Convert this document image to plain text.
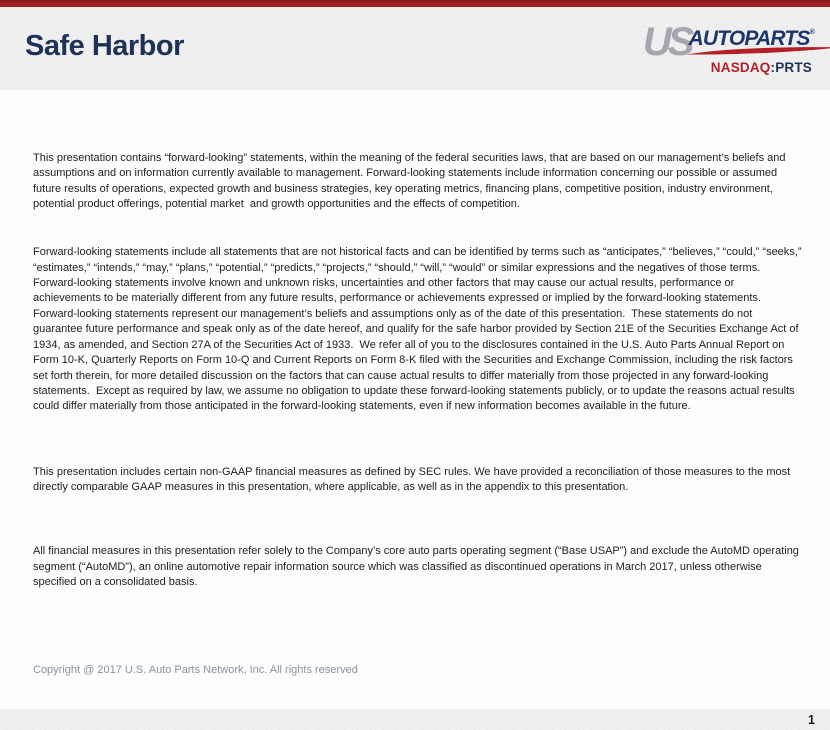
Safe Harbor	US
AUTOPARTS®
NASDAQ:PRTS

This presentation contains “forward-looking” statements, within the meaning of the federal securities laws, that are based on our management’s beliefs and assumptions and on information currently available to management. Forward-looking statements include information concerning our possible or assumed future results of operations, expected growth and business strategies, key operating metrics, financing plans, competitive position, industry environment, potential product offerings, potential market  and growth opportunities and the effects of competition.

Forward-looking statements include all statements that are not historical facts and can be identified by terms such as “anticipates,” “believes,” “could,” “seeks,” “estimates,” “intends,” “may,” “plans,” “potential,” “predicts,” “projects,” “should,” “will,” “would” or similar expressions and the negatives of those terms. Forward-looking statements involve known and unknown risks, uncertainties and other factors that may cause our actual results, performance or achievements to be materially different from any future results, performance or achievements expressed or implied by the forward-looking statements. Forward-looking statements represent our management’s beliefs and assumptions only as of the date of this presentation.  These statements do not guarantee future performance and speak only as of the date hereof, and qualify for the safe harbor provided by Section 21E of the Securities Exchange Act of 1934, as amended, and Section 27A of the Securities Act of 1933.  We refer all of you to the disclosures contained in the U.S. Auto Parts Annual Report on Form 10-K, Quarterly Reports on Form 10-Q and Current Reports on Form 8-K filed with the Securities and Exchange Commission, including the risk factors set forth therein, for more detailed discussion on the factors that can cause actual results to differ materially from those projected in any forward-looking statements.  Except as required by law, we assume no obligation to update these forward-looking statements publicly, or to update the reasons actual results could differ materially from those anticipated in the forward-looking statements, even if new information becomes available in the future.

This presentation includes certain non-GAAP financial measures as defined by SEC rules. We have provided a reconciliation of those measures to the most directly comparable GAAP measures in this presentation, where applicable, as well as in the appendix to this presentation.

All financial measures in this presentation refer solely to the Company’s core auto parts operating segment (“Base USAP”) and exclude the AutoMD operating segment (“AutoMD”), an online automotive repair information source which was classified as discontinued operations in March 2017, unless otherwise specified on a consolidated basis.

Copyright @ 2017 U.S. Auto Parts Network, Inc. All rights reserved

1
